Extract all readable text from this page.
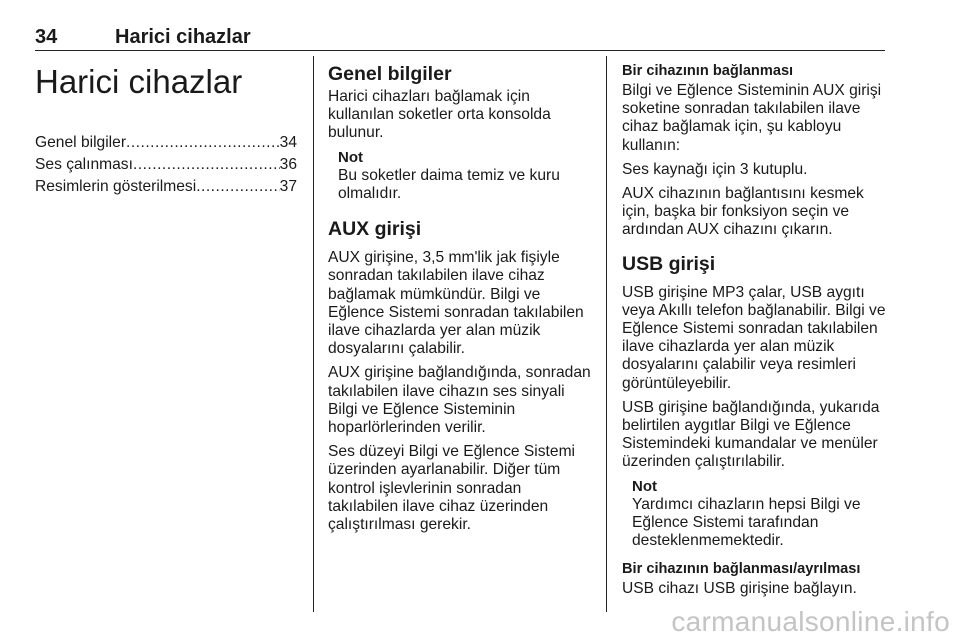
34	Harici cihazlar
Harici cihazlar
Genel bilgiler .....	34
Ses çalınması .....	36
Resimlerin gösterilmesi .....	37
Genel bilgiler

Harici cihazları bağlamak için kullanılan soketler orta konsolda bulunur.

Not
Bu soketler daima temiz ve kuru olmalıdır.
AUX girişi

AUX girişine, 3,5 mm'lik jak fişiyle sonradan takılabilen ilave cihaz bağlamak mümkündür. Bilgi ve Eğlence Sistemi sonradan takılabilen ilave cihazlarda yer alan müzik dosyalarını çalabilir.

AUX girişine bağlandığında, sonradan takılabilen ilave cihazın ses sinyali Bilgi ve Eğlence Sisteminin hoparlörlerinden verilir.

Ses düzeyi Bilgi ve Eğlence Sistemi üzerinden ayarlanabilir. Diğer tüm kontrol işlevlerinin sonradan takılabilen ilave cihaz üzerinden çalıştırılması gerekir.

Bir cihazının bağlanması

Bilgi ve Eğlence Sisteminin AUX girişi soketine sonradan takılabilen ilave cihaz bağlamak için, şu kabloyu kullanın:

Ses kaynağı için 3 kutuplu.

AUX cihazının bağlantısını kesmek için, başka bir fonksiyon seçin ve ardından AUX cihazını çıkarın.

USB girişi

USB girişine MP3 çalar, USB aygıtı veya Akıllı telefon bağlanabilir. Bilgi ve Eğlence Sistemi sonradan takılabilen ilave cihazlarda yer alan müzik dosyalarını çalabilir veya resimleri görüntüleyebilir.

USB girişine bağlandığında, yukarıda belirtilen aygıtlar Bilgi ve Eğlence Sistemindeki kumandalar ve menüler üzerinden çalıştırılabilir.

Not
Yardımcı cihazların hepsi Bilgi ve Eğlence Sistemi tarafından desteklenmemektedir.
Bir cihazının bağlanması/ayrılması

USB cihazı USB girişine bağlayın.

carmanualsonline.info
